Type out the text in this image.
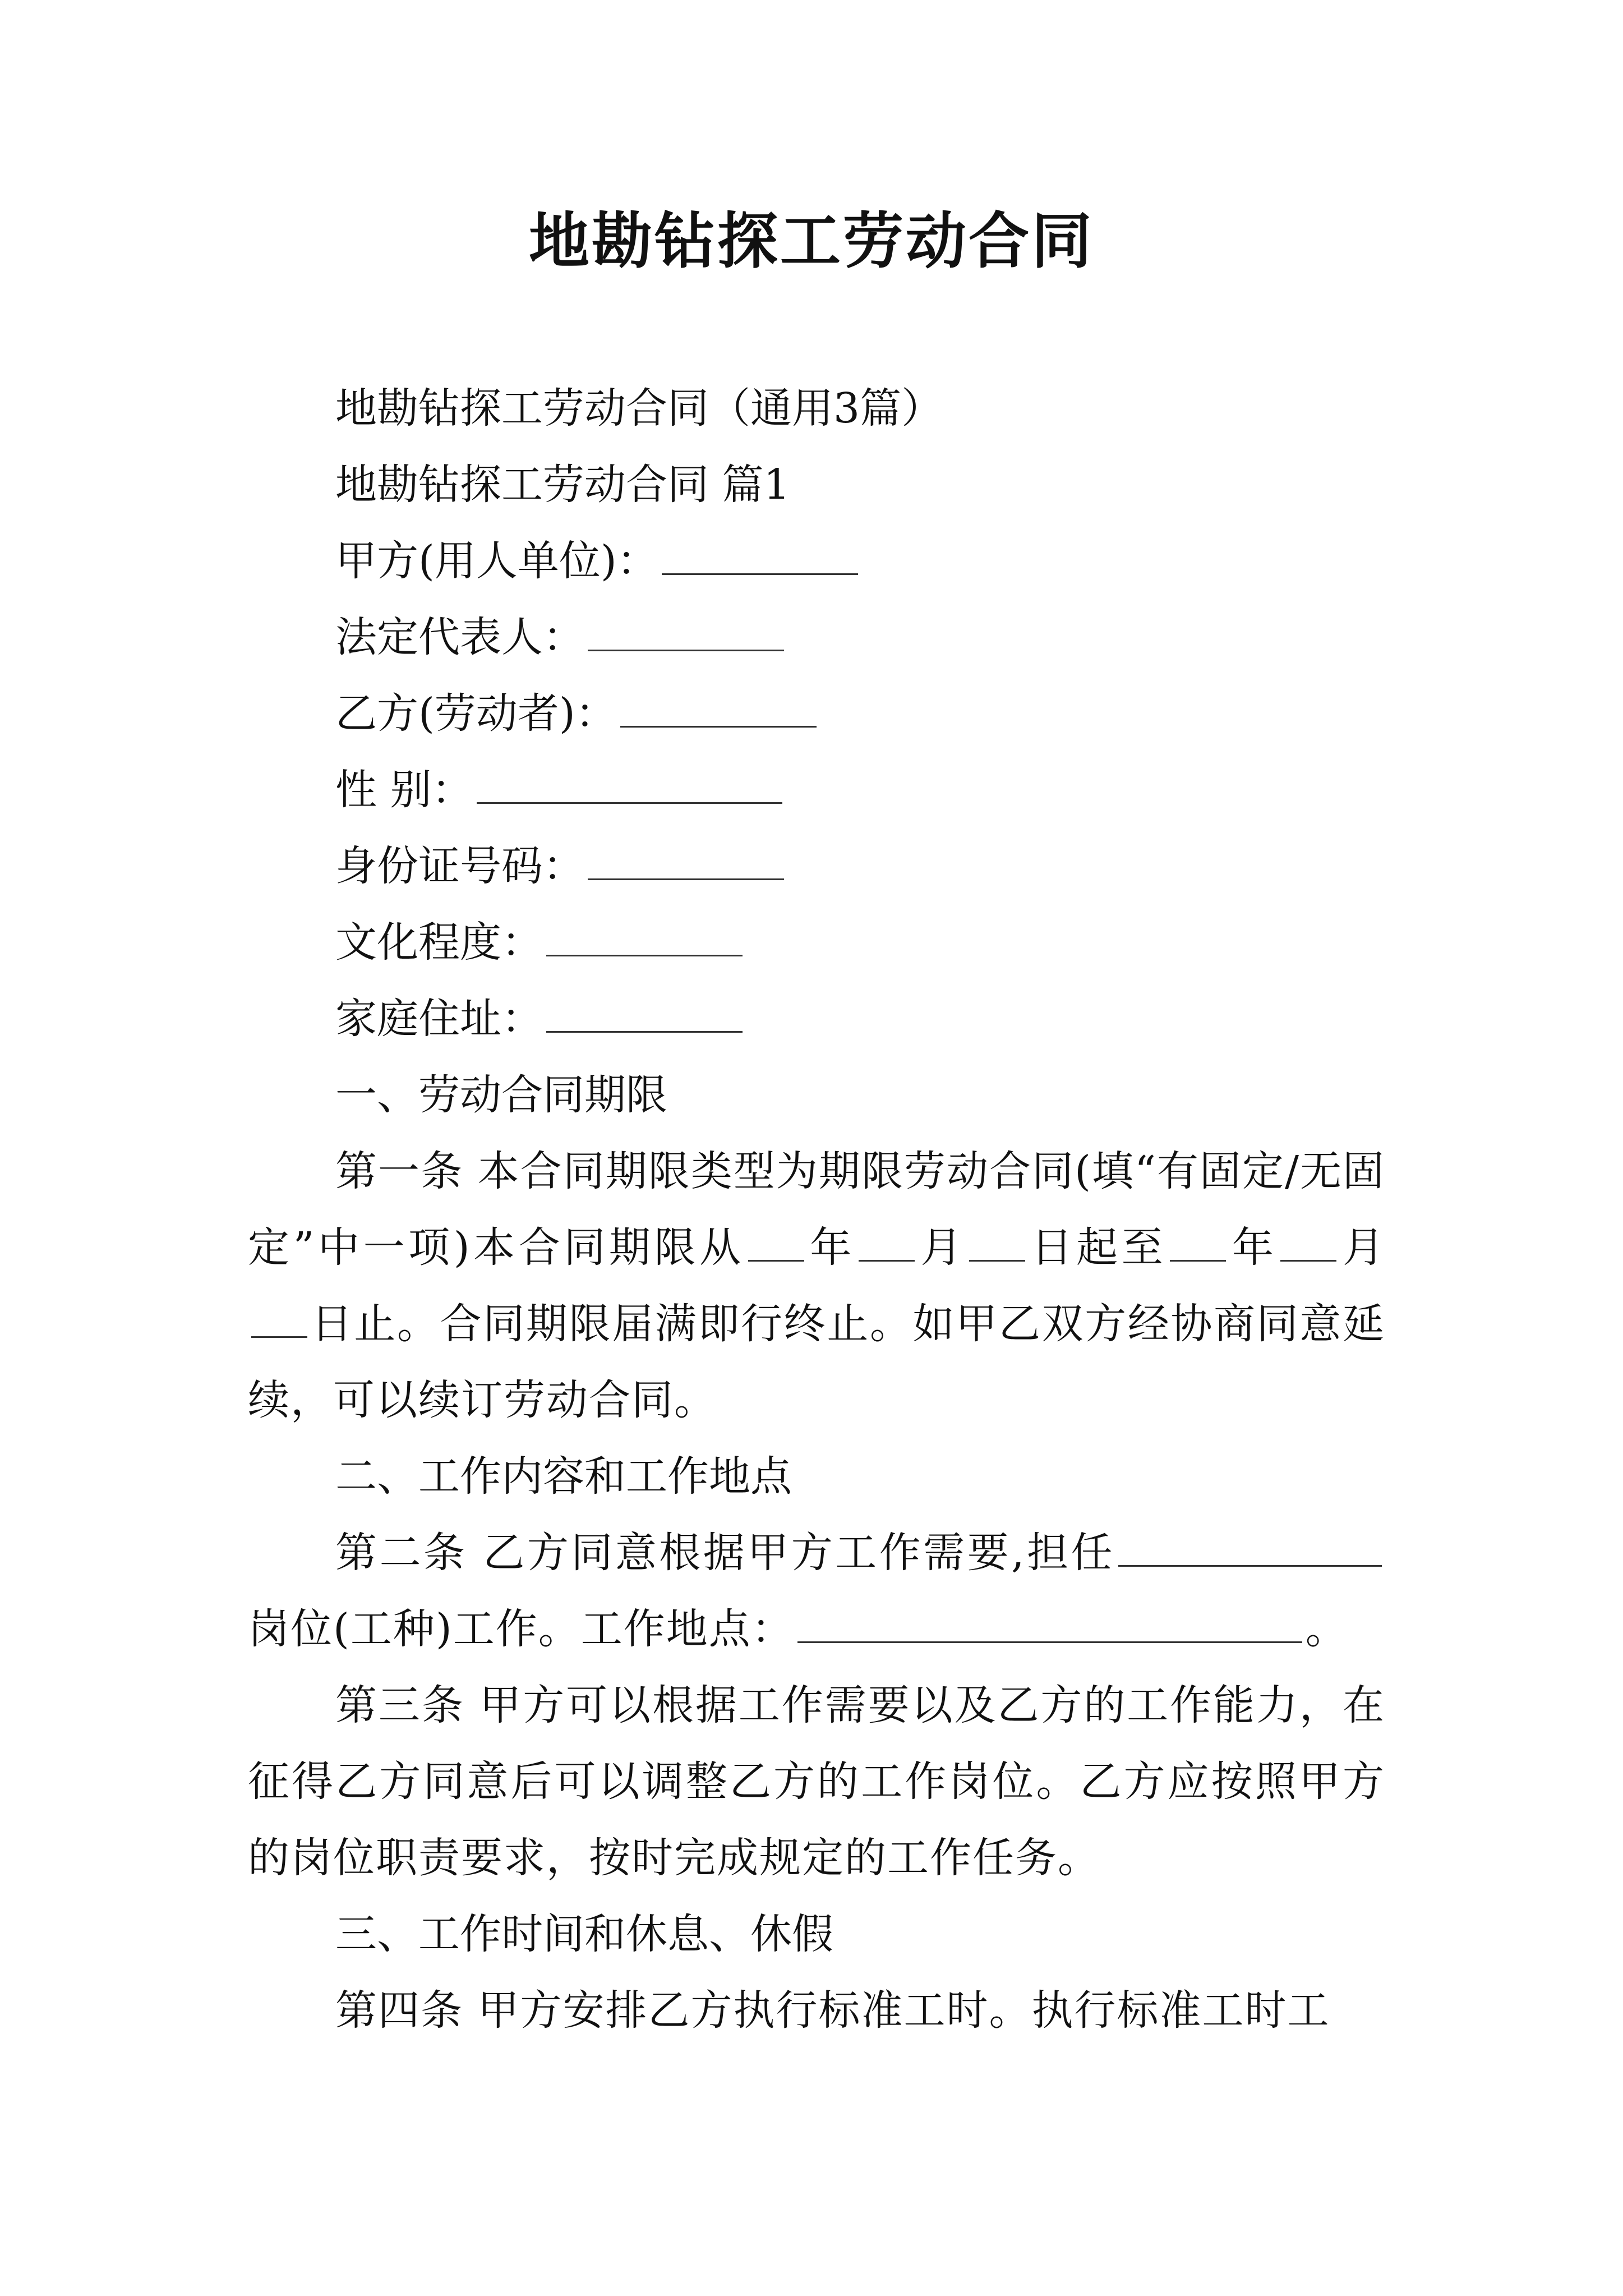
地勘钻探工劳动合同

地勘钻探工劳动合同（通用3篇）

地勘钻探工劳动合同 篇1

甲方(用人单位)：

法定代表人：

乙方(劳动者)：

性 别：

身份证号码：

文化程度：

家庭住址：

一、劳动合同期限

第一条 本合同期限类型为期限劳动合同(填“有固定/无固定”中一项)本合同期限从 年 月 日起至 年 月日止。合同期限届满即行终止。如甲乙双方经协商同意延续，可以续订劳动合同。

二、工作内容和工作地点

第二条 乙方同意根据甲方工作需要,担任岗位(工种)工作。工作地点：	。

第三条 甲方可以根据工作需要以及乙方的工作能力，在征得乙方同意后可以调整乙方的工作岗位。乙方应按照甲方的岗位职责要求，按时完成规定的工作任务。

三、工作时间和休息、休假

第四条 甲方安排乙方执行标准工时。执行标准工时工
